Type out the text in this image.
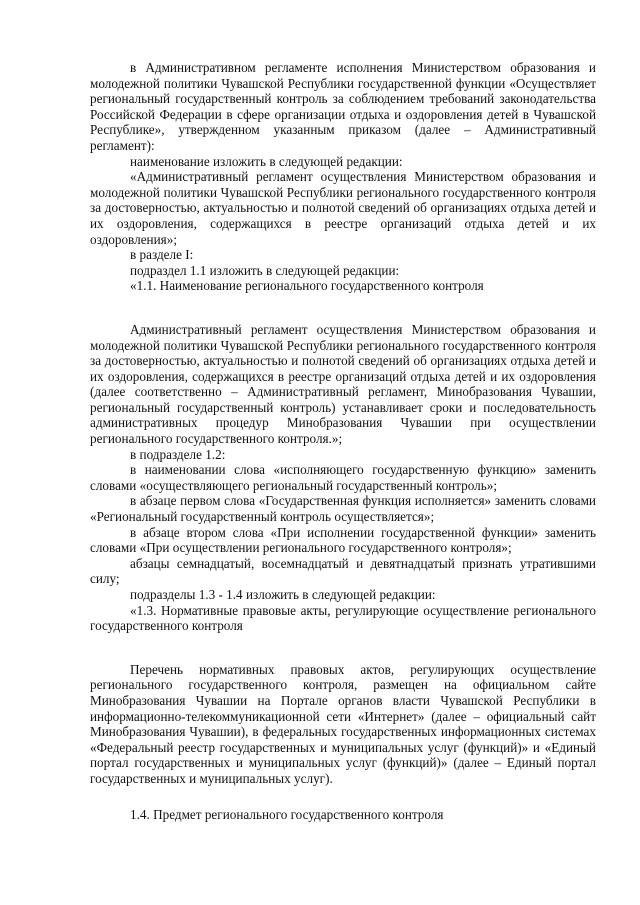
в Административном регламенте исполнения Министерством образования и молодежной политики Чувашской Республики государственной функции «Осуществляет региональный государственный контроль за соблюдением требований законодательства Российской Федерации в сфере организации отдыха и оздоровления детей в Чувашской Республике», утвержденном указанным приказом (далее – Административный регламент):

наименование изложить в следующей редакции:

«Административный регламент осуществления Министерством образования и молодежной политики Чувашской Республики регионального государственного контроля за достоверностью, актуальностью и полнотой сведений об организациях отдыха детей и их оздоровления, содержащихся в реестре организаций отдыха детей и их оздоровления»;

в разделе I:

подраздел 1.1 изложить в следующей редакции:

«1.1. Наименование регионального государственного контроля

Административный регламент осуществления Министерством образования и молодежной политики Чувашской Республики регионального государственного контроля за достоверностью, актуальностью и полнотой сведений об организациях отдыха детей и их оздоровления, содержащихся в реестре организаций отдыха детей и их оздоровления (далее соответственно – Административный регламент, Минобразования Чувашии, региональный государственный контроль) устанавливает сроки и последовательность административных процедур Минобразования Чувашии при осуществлении регионального государственного контроля.»;

в подразделе 1.2:

в наименовании слова «исполняющего государственную функцию» заменить словами «осуществляющего региональный государственный контроль»;

в абзаце первом слова «Государственная функция исполняется» заменить словами «Региональный государственный контроль осуществляется»;

в абзаце втором слова «При исполнении государственной функции» заменить словами «При осуществлении регионального государственного контроля»;

абзацы семнадцатый, восемнадцатый и девятнадцатый признать утратившими силу;

подразделы 1.3 - 1.4 изложить в следующей редакции:

«1.3. Нормативные правовые акты, регулирующие осуществление регионального государственного контроля

Перечень нормативных правовых актов, регулирующих осуществление регионального государственного контроля, размещен на официальном сайте Минобразования Чувашии на Портале органов власти Чувашской Республики в информационно-телекоммуникационной сети «Интернет» (далее – официальный сайт Минобразования Чувашии), в федеральных государственных информационных системах «Федеральный реестр государственных и муниципальных услуг (функций)» и «Единый портал государственных и муниципальных услуг (функций)» (далее – Единый портал государственных и муниципальных услуг).

1.4. Предмет регионального государственного контроля
